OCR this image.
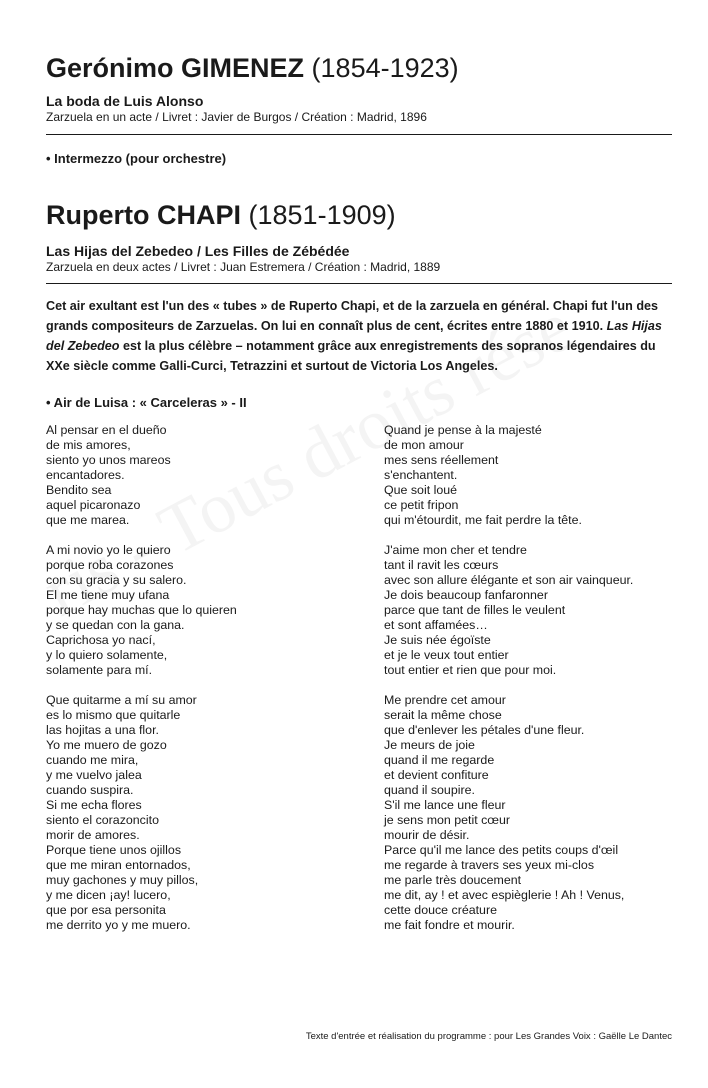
Gerónimo GIMENEZ (1854-1923)
La boda de Luis Alonso
Zarzuela en un acte / Livret : Javier de Burgos / Création : Madrid, 1896
• Intermezzo (pour orchestre)
Ruperto CHAPI (1851-1909)
Las Hijas del Zebedeo / Les Filles de Zébédée
Zarzuela en deux actes / Livret : Juan Estremera / Création : Madrid, 1889
Cet air exultant est l'un des « tubes » de Ruperto Chapi, et de la zarzuela en général. Chapi fut l'un des grands compositeurs de Zarzuelas. On lui en connaît plus de cent, écrites entre 1880 et 1910. Las Hijas del Zebedeo est la plus célèbre – notamment grâce aux enregistrements des sopranos légendaires du XXe siècle comme Galli-Curci, Tetrazzini et surtout de Victoria Los Angeles.
• Air de Luisa : « Carceleras » - II
Al pensar en el dueño
de mis amores,
siento yo unos mareos
encantadores.
Bendito sea
aquel picaronazo
que me marea.
A mi novio yo le quiero
porque roba corazones
con su gracia y su salero.
El me tiene muy ufana
porque hay muchas que lo quieren
y se quedan con la gana.
Caprichosa yo nací,
y lo quiero solamente,
solamente para mí.
Que quitarme a mí su amor
es lo mismo que quitarle
las hojitas a una flor.
Yo me muero de gozo
cuando me mira,
y me vuelvo jalea
cuando suspira.
Si me echa flores
siento el corazoncito
morir de amores.
Porque tiene unos ojillos
que me miran entornados,
muy gachones y muy pillos,
y me dicen ¡ay! lucero,
que por esa personita
me derrito yo y me muero.
Quand je pense à la majesté
de mon amour
mes sens réellement
s'enchantent.
Que soit loué
ce petit fripon
qui m'étourdit, me fait perdre la tête.
J'aime mon cher et tendre
tant il ravit les cœurs
avec son allure élégante et son air vainqueur.
Je dois beaucoup fanfaronner
parce que tant de filles le veulent
et sont affamées…
Je suis née égoïste
et je le veux tout entier
tout entier et rien que pour moi.
Me prendre cet amour
serait la même chose
que d'enlever les pétales d'une fleur.
Je meurs de joie
quand il me regarde
et devient confiture
quand il soupire.
S'il me lance une fleur
je sens mon petit cœur
mourir de désir.
Parce qu'il me lance des petits coups d'œil
me regarde à travers ses yeux mi-clos
me parle très doucement
me dit, ay ! et avec espièglerie ! Ah ! Venus,
cette douce créature
me fait fondre et mourir.
Texte d'entrée et réalisation du programme : pour Les Grandes Voix : Gaëlle Le Dantec
